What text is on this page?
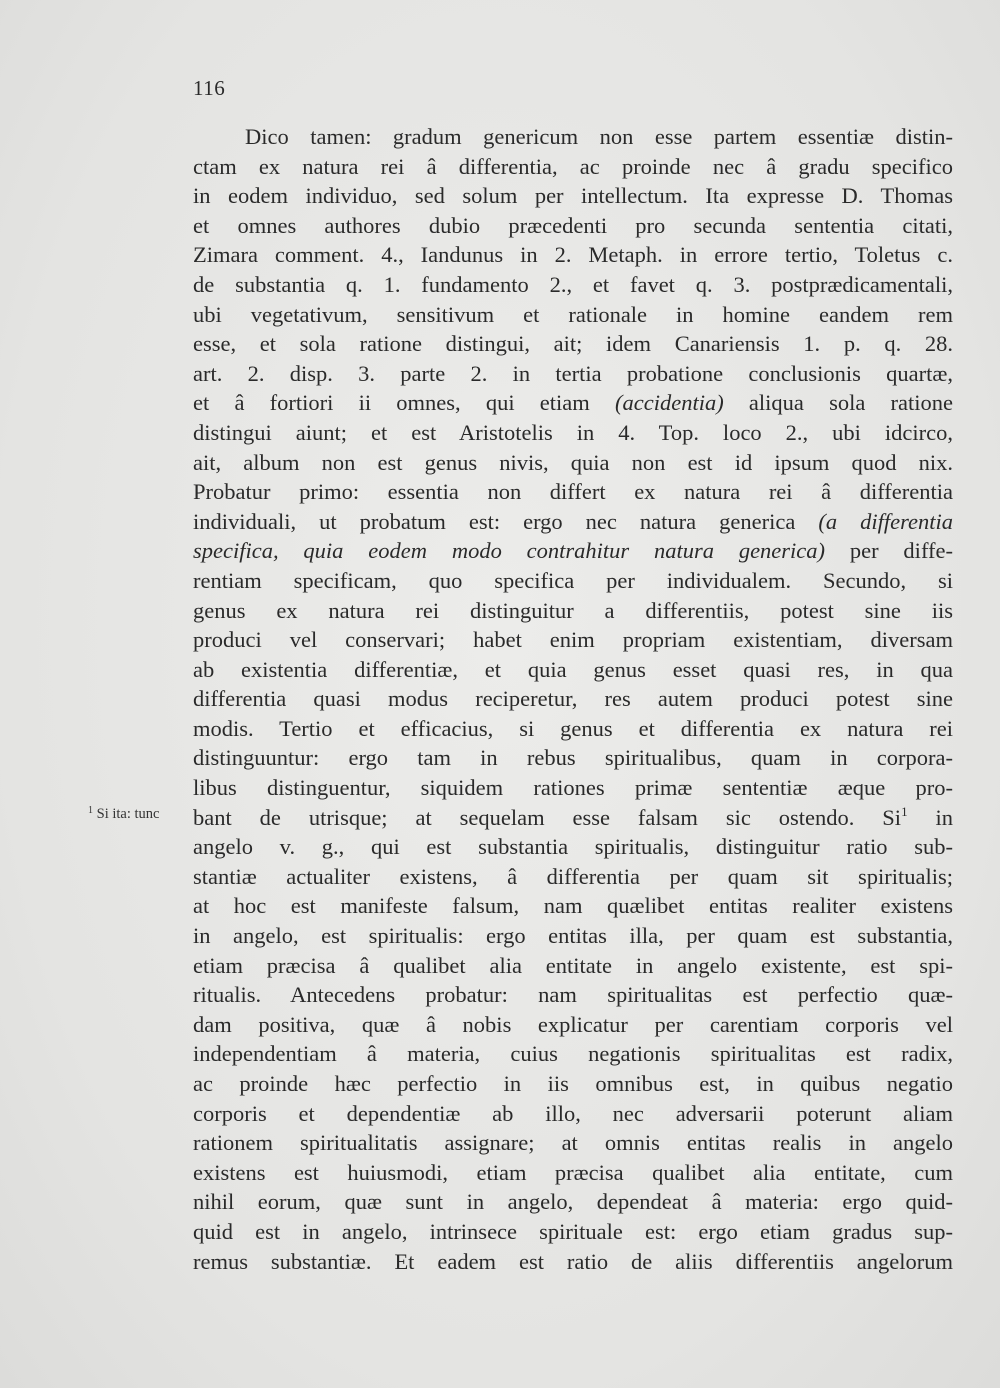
116
$^1$ Si ita: tunc
Dico tamen: gradum genericum non esse partem essentiæ distin-
ctam ex natura rei â differentia, ac proinde nec â gradu specifico
in eodem individuo, sed solum per intellectum. Ita expresse D. Thomas
et omnes authores dubio præcedenti pro secunda sententia citati,
Zimara comment. 4., Iandunus in 2. Metaph. in errore tertio, Toletus c.
de substantia q. 1. fundamento 2., et favet q. 3. postprædicamentali,
ubi vegetativum, sensitivum et rationale in homine eandem rem
esse, et sola ratione distingui, ait; idem Canariensis 1. p. q. 28.
art. 2. disp. 3. parte 2. in tertia probatione conclusionis quartæ,
et â fortiori ii omnes, qui etiam (accidentia) aliqua sola ratione
distingui aiunt; et est Aristotelis in 4. Top. loco 2., ubi idcirco,
ait, album non est genus nivis, quia non est id ipsum quod nix.
Probatur primo: essentia non differt ex natura rei â differentia
individuali, ut probatum est: ergo nec natura generica (a differentia
specifica, quia eodem modo contrahitur natura generica) per diffe-
rentiam specificam, quo specifica per individualem. Secundo, si
genus ex natura rei distinguitur a differentiis, potest sine iis
produci vel conservari; habet enim propriam existentiam, diversam
ab existentia differentiæ, et quia genus esset quasi res, in qua
differentia quasi modus reciperetur, res autem produci potest sine
modis. Tertio et efficacius, si genus et differentia ex natura rei
distinguuntur: ergo tam in rebus spiritualibus, quam in corpora-
libus distinguentur, siquidem rationes primæ sententiæ æque pro-
bant de utrisque; at sequelam esse falsam sic ostendo. Si$^1$ in
angelo v. g., qui est substantia spiritualis, distinguitur ratio sub-
stantiæ actualiter existens, â differentia per quam sit spiritualis;
at hoc est manifeste falsum, nam quælibet entitas realiter existens
in angelo, est spiritualis: ergo entitas illa, per quam est substantia,
etiam præcisa â qualibet alia entitate in angelo existente, est spi-
ritualis. Antecedens probatur: nam spiritualitas est perfectio quæ-
dam positiva, quæ â nobis explicatur per carentiam corporis vel
independentiam â materia, cuius negationis spiritualitas est radix,
ac proinde hæc perfectio in iis omnibus est, in quibus negatio
corporis et dependentiæ ab illo, nec adversarii poterunt aliam
rationem spiritualitatis assignare; at omnis entitas realis in angelo
existens est huiusmodi, etiam præcisa qualibet alia entitate, cum
nihil eorum, quæ sunt in angelo, dependeat â materia: ergo quid-
quid est in angelo, intrinsece spirituale est: ergo etiam gradus sup-
remus substantiæ. Et eadem est ratio de aliis differentiis angelorum
